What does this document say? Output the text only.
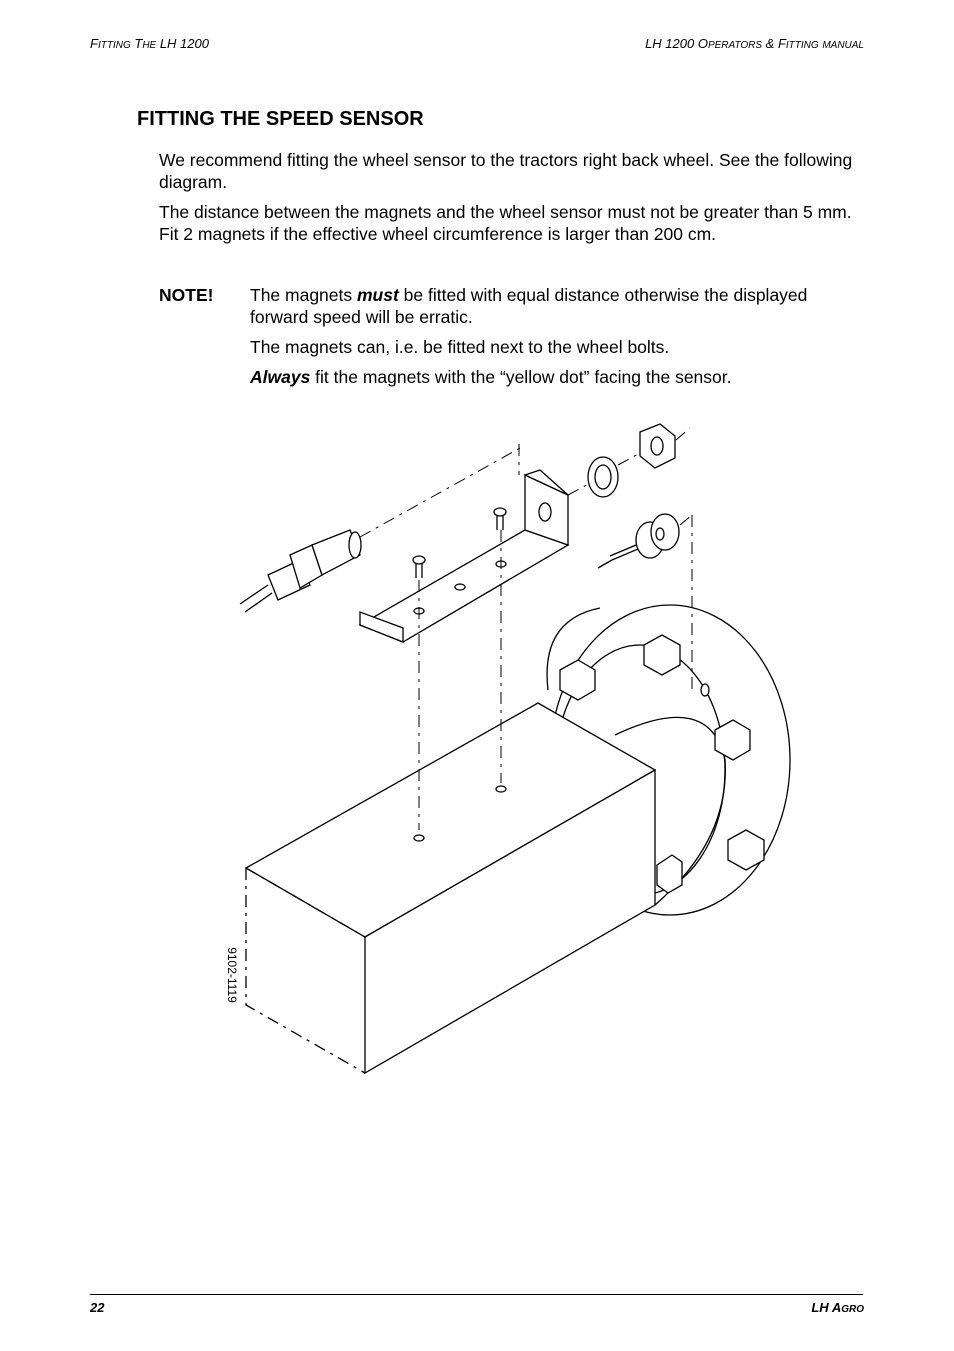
FITTING THE LH 1200	LH 1200 OPERATORS & FITTING MANUAL
FITTING THE SPEED SENSOR

We recommend fitting the wheel sensor to the tractors right back wheel. See the following diagram.

The distance between the magnets and the wheel sensor must not be greater than 5 mm. Fit 2 magnets if the effective wheel circumference is larger than 200 cm.

NOTE! The magnets must be fitted with equal distance otherwise the displayed forward speed will be erratic.

The magnets can, i.e. be fitted next to the wheel bolts.

Always fit the magnets with the “yellow dot” facing the sensor.

9102-1119
22	LH AGRO
